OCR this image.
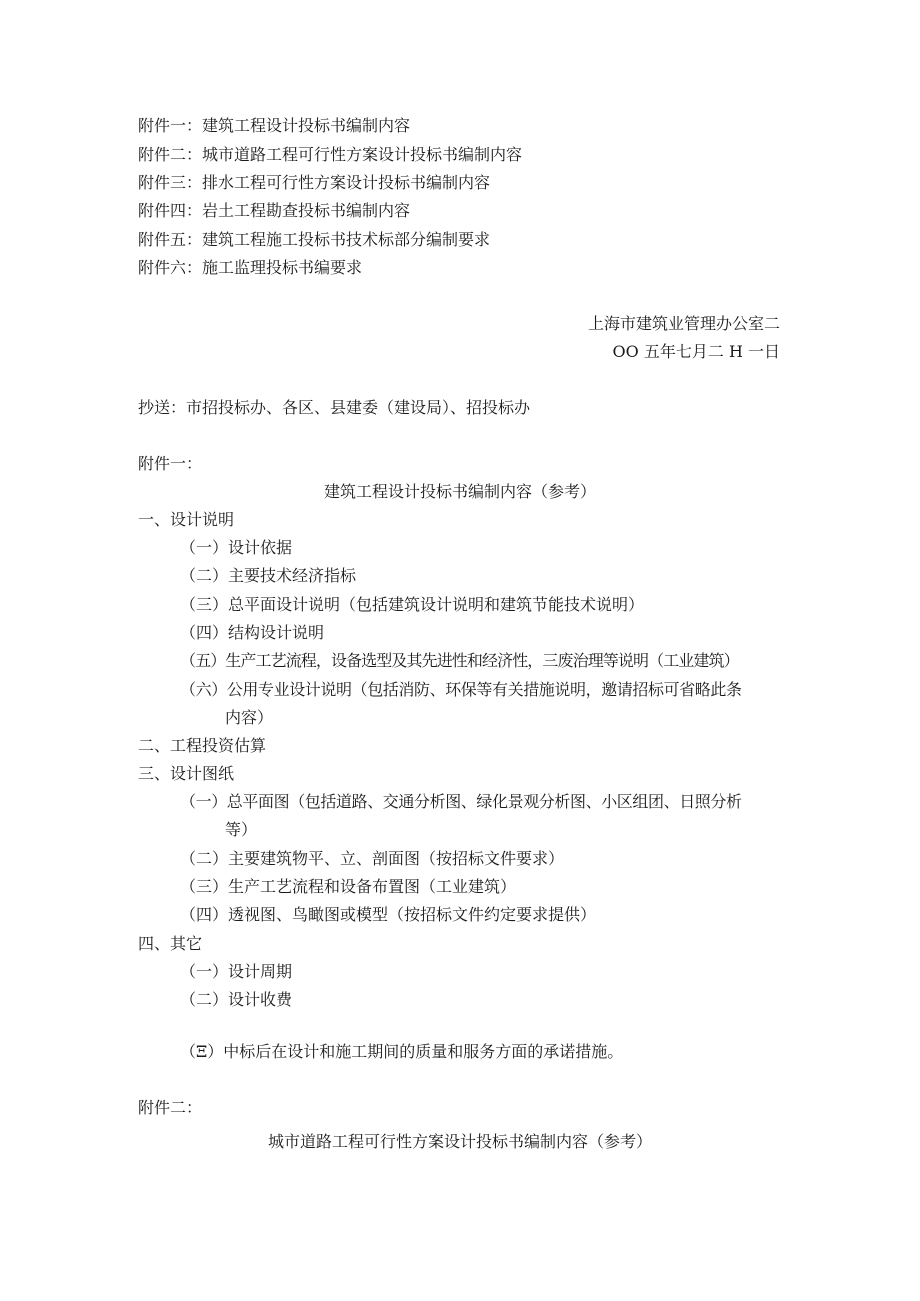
附件一：建筑工程设计投标书编制内容
附件二：城市道路工程可行性方案设计投标书编制内容
附件三：排水工程可行性方案设计投标书编制内容
附件四：岩土工程勘查投标书编制内容
附件五：建筑工程施工投标书技术标部分编制要求
附件六：施工监理投标书编要求
上海市建筑业管理办公室二
OO 五年七月二 H 一日
抄送：市招投标办、各区、县建委（建设局）、招投标办
附件一：
建筑工程设计投标书编制内容（参考）
一、设计说明
（一）设计依据
（二）主要技术经济指标
（三）总平面设计说明（包括建筑设计说明和建筑节能技术说明）
（四）结构设计说明
（五）生产工艺流程，设备选型及其先进性和经济性，三废治理等说明（工业建筑）
（六）公用专业设计说明（包括消防、环保等有关措施说明，邀请招标可省略此条
内容）
二、工程投资估算
三、设计图纸
（一）总平面图（包括道路、交通分析图、绿化景观分析图、小区组团、日照分析
等）
（二）主要建筑物平、立、剖面图（按招标文件要求）
（三）生产工艺流程和设备布置图（工业建筑）
（四）透视图、鸟瞰图或模型（按招标文件约定要求提供）
四、其它
（一）设计周期
（二）设计收费
（Ξ）中标后在设计和施工期间的质量和服务方面的承诺措施。
附件二：
城市道路工程可行性方案设计投标书编制内容（参考）
